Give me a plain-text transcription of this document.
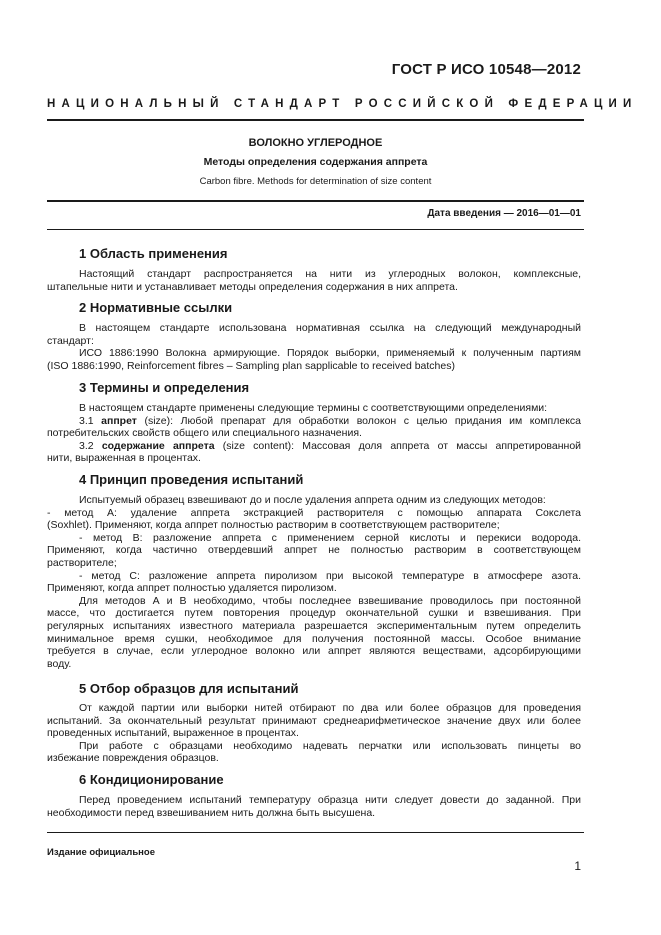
ГОСТ Р ИСО 10548—2012
НАЦИОНАЛЬНЫЙ СТАНДАРТ РОССИЙСКОЙ ФЕДЕРАЦИИ
ВОЛОКНО УГЛЕРОДНОЕ
Методы определения содержания аппрета
Carbon fibre. Methods for determination of size content
Дата введения — 2016—01—01
1 Область применения
Настоящий стандарт распространяется на нити из углеродных волокон, комплексные,
штапельные нити и устанавливает методы определения содержания в них аппрета.
2 Нормативные ссылки
В настоящем стандарте использована нормативная ссылка на следующий международный
стандарт:
ИСО 1886:1990 Волокна армирующие. Порядок выборки, применяемый к полученным партиям
(ISO 1886:1990, Reinforcement fibres – Sampling plan sapplicable to received batches)
3 Термины и определения
В настоящем стандарте применены следующие термины с соответствующими определениями:
3.1 аппрет (size): Любой препарат для обработки волокон с целью придания им комплекса
потребительских свойств общего или специального назначения.
3.2 содержание аппрета (size content): Массовая доля аппрета от массы аппретированной
нити, выраженная в процентах.
4 Принцип проведения испытаний
Испытуемый образец взвешивают до и после удаления аппрета одним из следующих методов:
- метод А: удаление аппрета экстракцией растворителя с помощью аппарата Сокслета
(Soxhlet). Применяют, когда аппрет полностью растворим в соответствующем растворителе;
- метод В: разложение аппрета с применением серной кислоты и перекиси водорода.
Применяют, когда частично отвердевший аппрет не полностью растворим в соответствующем
растворителе;
- метод С: разложение аппрета пиролизом при высокой температуре в атмосфере азота.
Применяют, когда аппрет полностью удаляется пиролизом.
Для методов А и В необходимо, чтобы последнее взвешивание проводилось при постоянной
массе, что достигается путем повторения процедур окончательной сушки и взвешивания. При
регулярных испытаниях известного материала разрешается экспериментальным путем определить
минимальное время сушки, необходимое для получения постоянной массы. Особое внимание
требуется в случае, если углеродное волокно или аппрет являются веществами, адсорбирующими
воду.
5 Отбор образцов для испытаний
От каждой партии или выборки нитей отбирают по два или более образцов для проведения
испытаний. За окончательный результат принимают среднеарифметическое значение двух или более
проведенных испытаний, выраженное в процентах.
При работе с образцами необходимо надевать перчатки или использовать пинцеты во
избежание повреждения образцов.
6 Кондиционирование
Перед проведением испытаний температуру образца нити следует довести до заданной. При
необходимости перед взвешиванием нить должна быть высушена.
Издание официальное
1
